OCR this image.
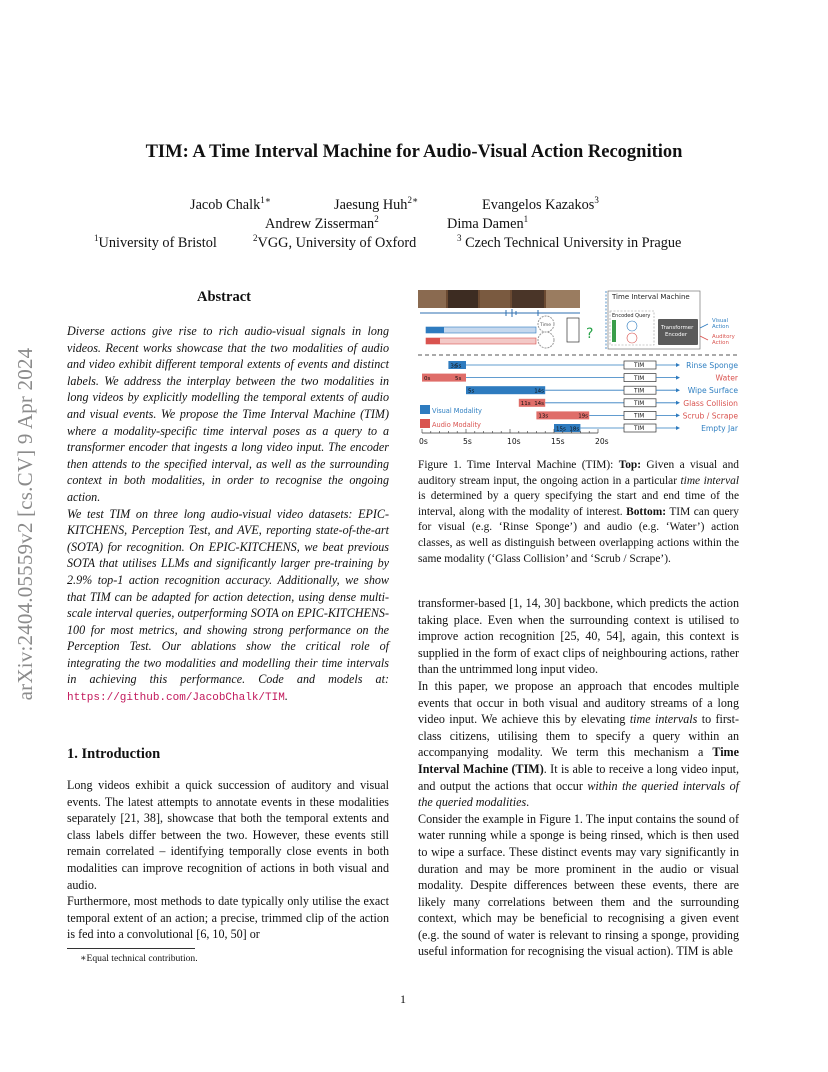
arXiv:2404.05559v2 [cs.CV] 9 Apr 2024
TIM: A Time Interval Machine for Audio-Visual Action Recognition
Jacob Chalk$^{1∗}$	Jaesung Huh$^{2∗}$	Evangelos Kazakos$^3$
Andrew Zisserman$^2$	Dima Damen$^1$
$^1$University of Bristol	$^2$VGG, University of Oxford	$^3$ Czech Technical University in Prague
Abstract

Diverse actions give rise to rich audio-visual signals in long videos. Recent works showcase that the two modalities of audio and video exhibit different temporal extents of events and distinct labels. We address the interplay between the two modalities in long videos by explicitly modelling the temporal extents of audio and visual events. We propose the Time Interval Machine (TIM) where a modality-specific time interval poses as a query to a transformer encoder that ingests a long video input. The encoder then attends to the specified interval, as well as the surrounding context in both modalities, in order to recognise the ongoing action.

We test TIM on three long audio-visual video datasets: EPIC-KITCHENS, Perception Test, and AVE, reporting state-of-the-art (SOTA) for recognition. On EPIC-KITCHENS, we beat previous SOTA that utilises LLMs and significantly larger pre-training by 2.9% top-1 action recognition accuracy. Additionally, we show that TIM can be adapted for action detection, using dense multi-scale interval queries, outperforming SOTA on EPIC-KITCHENS-100 for most metrics, and showing strong performance on the Perception Test. Our ablations show the critical role of integrating the two modalities and modelling their time intervals in achieving this performance. Code and models at: https://github.com/JacobChalk/TIM.

1. Introduction

Long videos exhibit a quick succession of auditory and visual events. The latest attempts to annotate events in these modalities separately [21, 38], showcase that both the temporal extents and class labels differ between the two. However, these events still remain correlated – identifying temporally close events in both modalities can improve recognition of actions in both visual and audio.

Furthermore, most methods to date typically only utilise the exact temporal extent of an action; a precise, trimmed clip of the action is fed into a convolutional [6, 10, 50] or

∗Equal technical contribution.
Time
?
Time Interval Machine
Encoded Query
Transformer
Encoder
Visual
Action
Auditory
Action
3s
5s	TIM	Rinse Sponge
0s	5s	TIM	Water
5s	14s	TIM	Wipe Surface
11s 14s	TIM	Glass Collision
13s	19s	TIM	Scrub / Scrape
15s 18s	TIM	Empty Jar
Visual Modality
Audio Modality
0s	5s	10s	15s	20s
Figure 1. Time Interval Machine (TIM): Top: Given a visual and auditory stream input, the ongoing action in a particular time interval is determined by a query specifying the start and end time of the interval, along with the modality of interest. Bottom: TIM can query for visual (e.g. ‘Rinse Sponge’) and audio (e.g. ‘Water’) action classes, as well as distinguish between overlapping actions within the same modality (‘Glass Collision’ and ‘Scrub / Scrape’).

transformer-based [1, 14, 30] backbone, which predicts the action taking place. Even when the surrounding context is utilised to improve action recognition [25, 40, 54], again, this context is supplied in the form of exact clips of neighbouring actions, rather than the untrimmed long input video.

In this paper, we propose an approach that encodes multiple events that occur in both visual and auditory streams of a long video input. We achieve this by elevating time intervals to first-class citizens, utilising them to specify a query within an accompanying modality. We term this mechanism a Time Interval Machine (TIM). It is able to receive a long video input, and output the actions that occur within the queried intervals of the queried modalities.

Consider the example in Figure 1. The input contains the sound of water running while a sponge is being rinsed, which is then used to wipe a surface. These distinct events may vary significantly in duration and may be more prominent in the audio or visual modality. Despite differences between these events, there are likely many correlations between them and the surrounding context, which may be beneficial to recognising a given event (e.g. the sound of water is relevant to rinsing a sponge, providing useful information for recognising the visual action). TIM is able

1
